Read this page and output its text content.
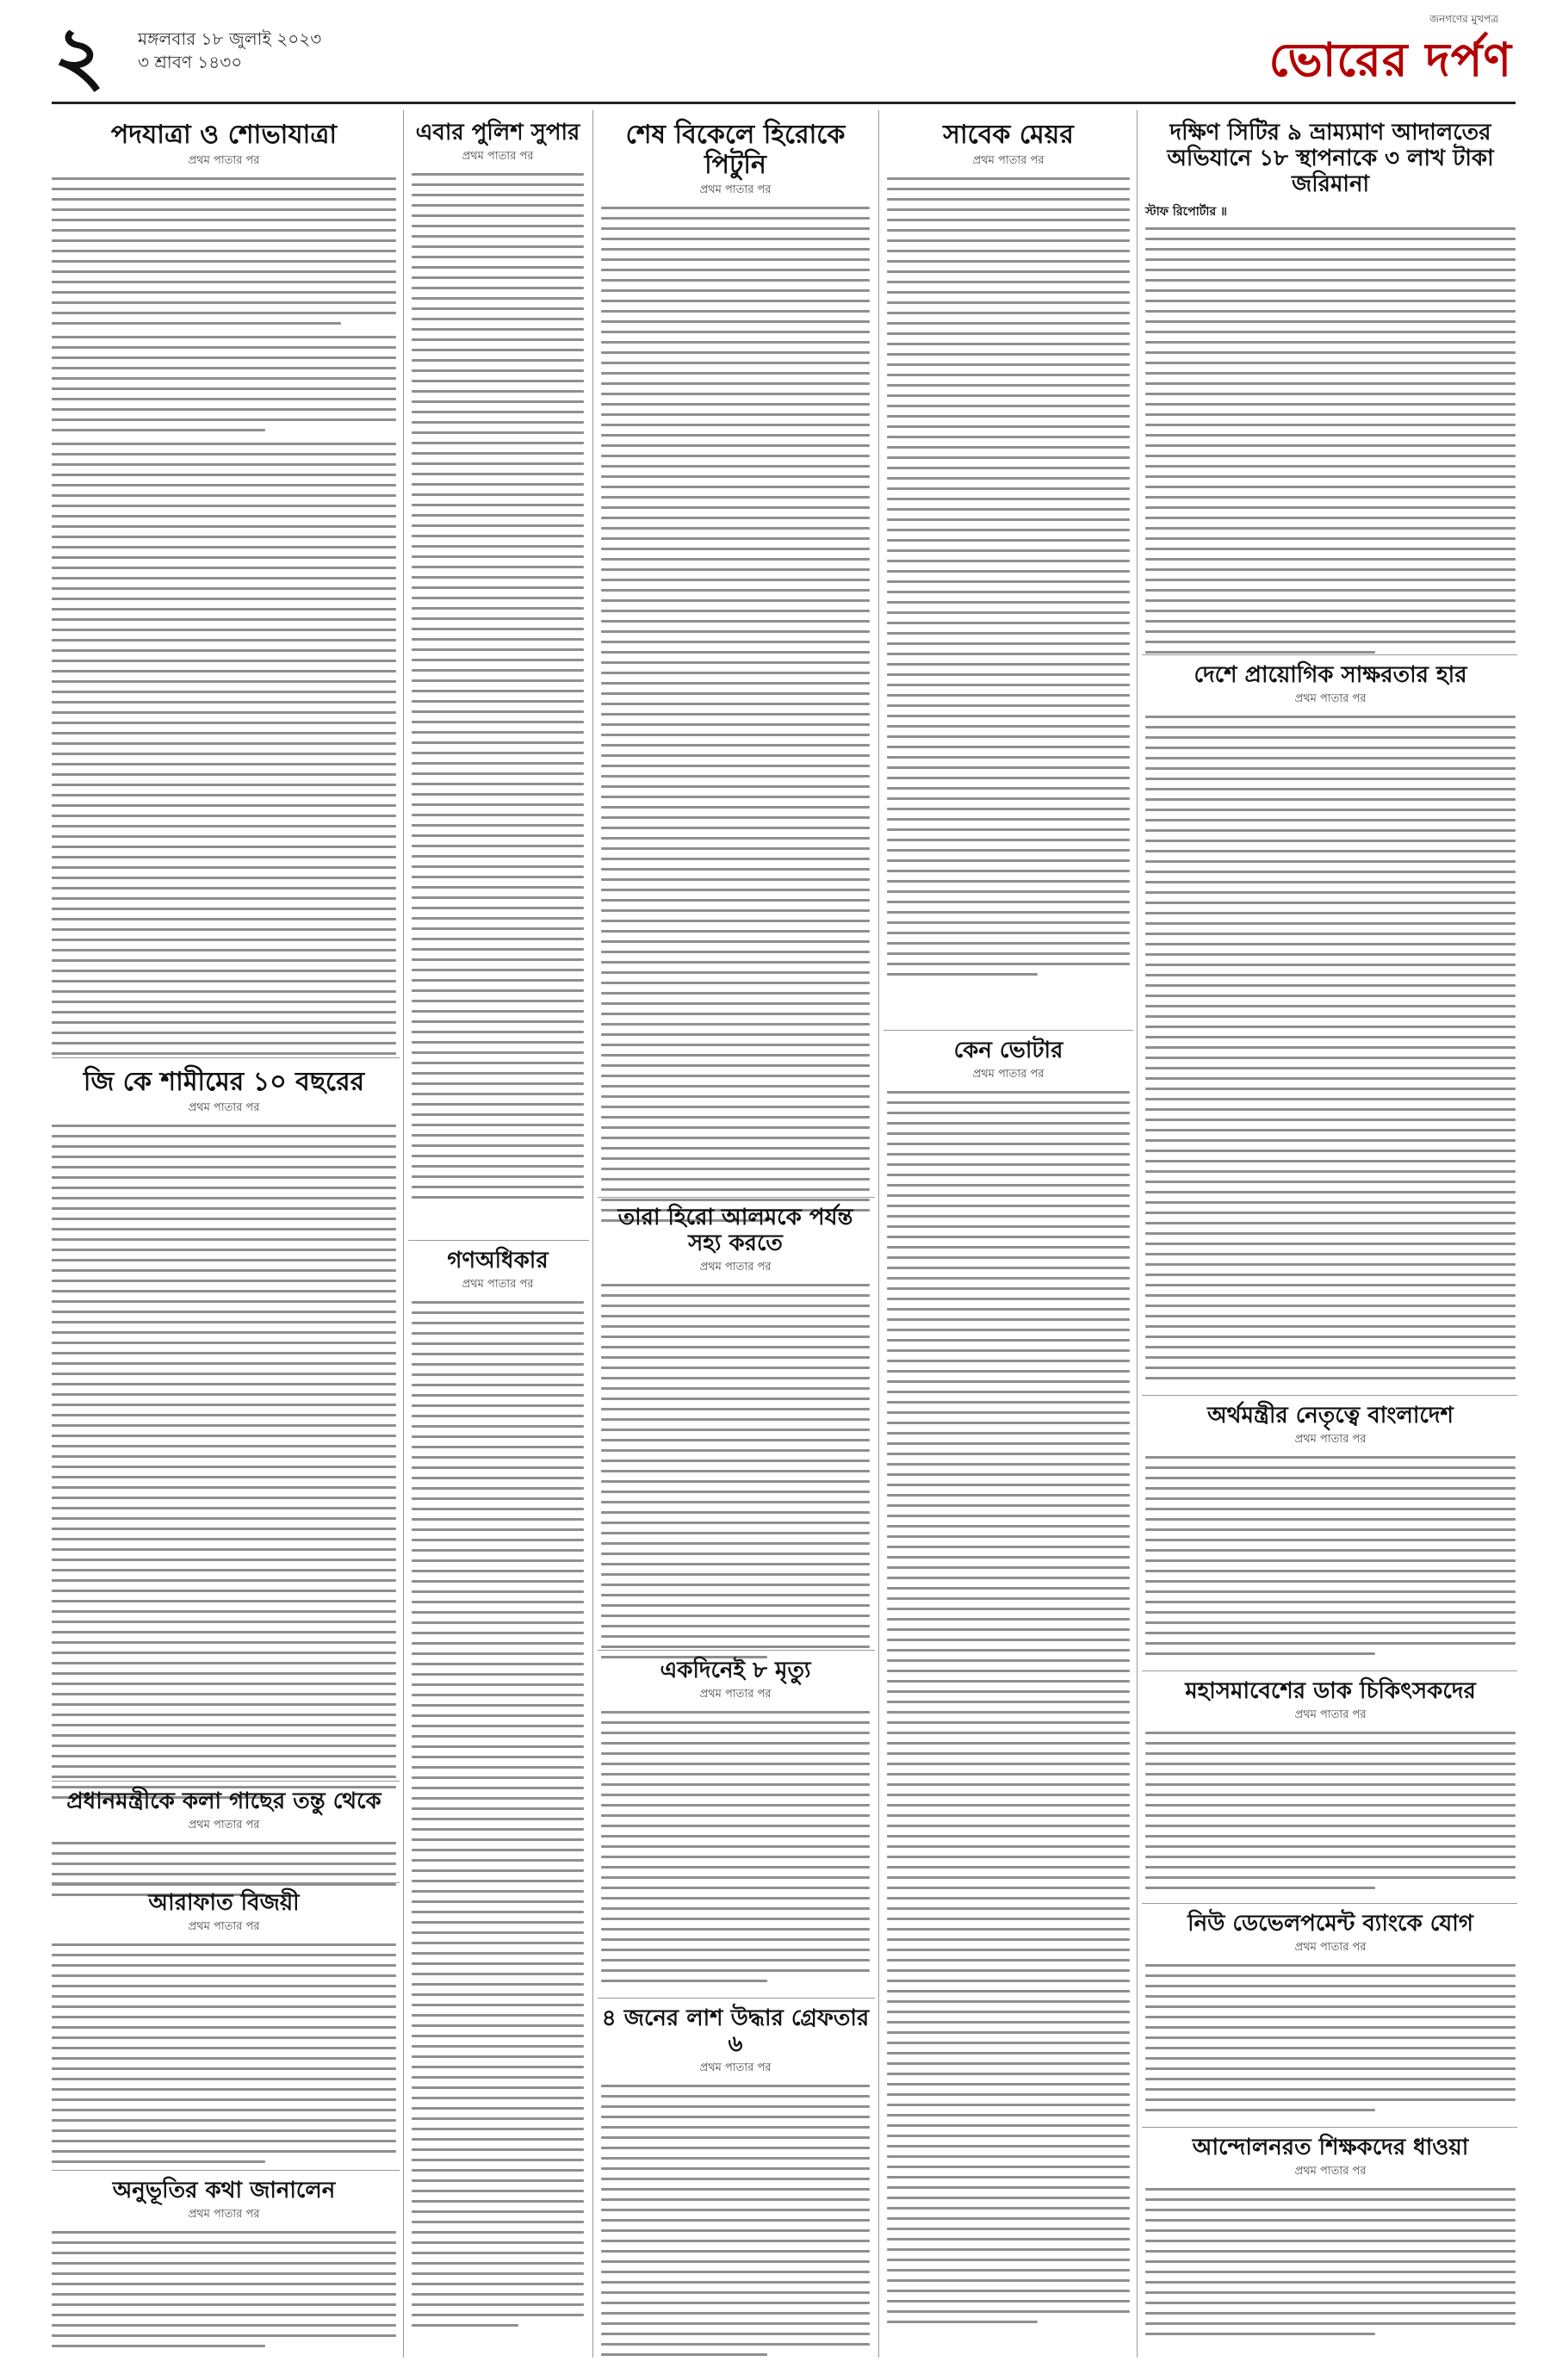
২ মঙ্গলবার ১৮ জুলাই ২০২৩
৩ শ্রাবণ ১৪৩০
জনগণের মুখপত্র
ভোরের দর্পণ
পদযাত্রা ও শোভাযাত্রা
প্রথম পাতার পর
জি কে শামীমের ১০ বছরের
প্রথম পাতার পর
প্রধানমন্ত্রীকে কলা গাছের তন্তু থেকে
প্রথম পাতার পর
আরাফাত বিজয়ী
প্রথম পাতার পর
অনুভূতির কথা জানালেন
প্রথম পাতার পর
এবার পুলিশ সুপার
প্রথম পাতার পর
গণঅধিকার
প্রথম পাতার পর
শেষ বিকেলে হিরোকে পিটুনি
প্রথম পাতার পর
তারা হিরো আলমকে পর্যন্ত সহ্য করতে
প্রথম পাতার পর
একদিনেই ৮ মৃত্যু
প্রথম পাতার পর
৪ জনের লাশ উদ্ধার গ্রেফতার ৬
প্রথম পাতার পর
সাবেক মেয়র
প্রথম পাতার পর
কেন ভোটার
প্রথম পাতার পর
দক্ষিণ সিটির ৯ ভ্রাম্যমাণ আদালতের অভিযানে ১৮ স্থাপনাকে ৩ লাখ টাকা জরিমানা
স্টাফ রিপোর্টার ॥
দেশে প্রায়োগিক সাক্ষরতার হার
প্রথম পাতার পর
অর্থমন্ত্রীর নেতৃত্বে বাংলাদেশ
প্রথম পাতার পর
মহাসমাবেশের ডাক চিকিৎসকদের
প্রথম পাতার পর
নিউ ডেভেলপমেন্ট ব্যাংকে যোগ
প্রথম পাতার পর
আন্দোলনরত শিক্ষকদের ধাওয়া
প্রথম পাতার পর
